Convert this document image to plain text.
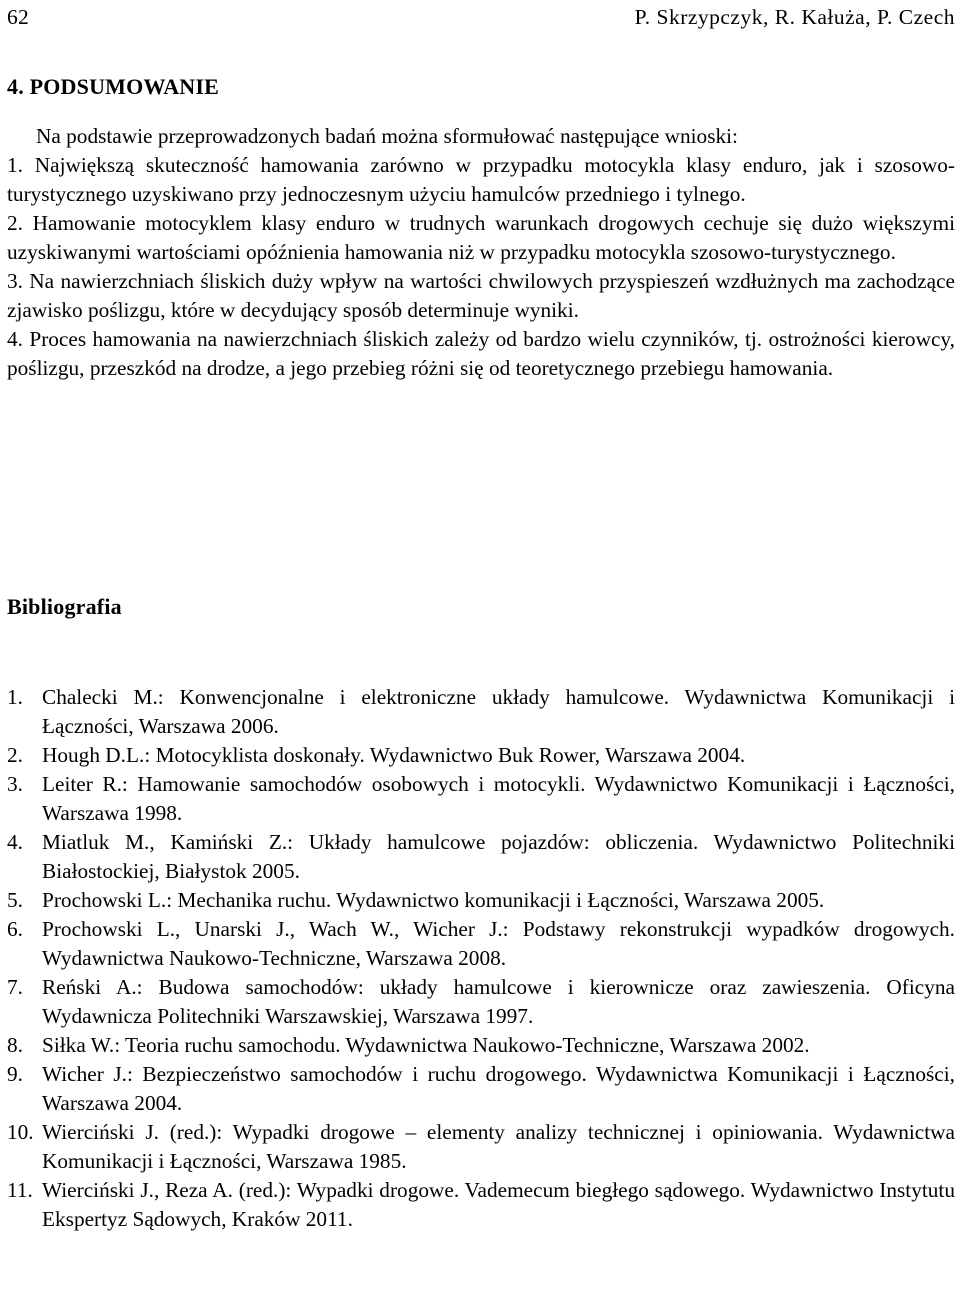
62	P. Skrzypczyk, R. Kałuża, P. Czech
4. PODSUMOWANIE

Na podstawie przeprowadzonych badań można sformułować następujące wnioski:

1. Największą skuteczność hamowania zarówno w przypadku motocykla klasy enduro, jak i szosowo-turystycznego uzyskiwano przy jednoczesnym użyciu hamulców przedniego i tylnego.

2. Hamowanie motocyklem klasy enduro w trudnych warunkach drogowych cechuje się dużo większymi uzyskiwanymi wartościami opóźnienia hamowania niż w przypadku motocykla szosowo-turystycznego.

3. Na nawierzchniach śliskich duży wpływ na wartości chwilowych przyspieszeń wzdłużnych ma zachodzące zjawisko poślizgu, które w decydujący sposób determinuje wyniki.

4. Proces hamowania na nawierzchniach śliskich zależy od bardzo wielu czynników, tj. ostrożności kierowcy, poślizgu, przeszkód na drodze, a jego przebieg różni się od teoretycznego przebiegu hamowania.

Bibliografia
1. Chalecki M.: Konwencjonalne i elektroniczne układy hamulcowe. Wydawnictwa Komunikacji i Łączności, Warszawa 2006.
2. Hough D.L.: Motocyklista doskonały. Wydawnictwo Buk Rower, Warszawa 2004.
3. Leiter R.: Hamowanie samochodów osobowych i motocykli. Wydawnictwo Komunikacji i Łączności, Warszawa 1998.
4. Miatluk M., Kamiński Z.: Układy hamulcowe pojazdów: obliczenia. Wydawnictwo Politechniki Białostockiej, Białystok 2005.
5. Prochowski L.: Mechanika ruchu. Wydawnictwo komunikacji i Łączności, Warszawa 2005.
6. Prochowski L., Unarski J., Wach W., Wicher J.: Podstawy rekonstrukcji wypadków drogowych. Wydawnictwa Naukowo-Techniczne, Warszawa 2008.
7. Reński A.: Budowa samochodów: układy hamulcowe i kierownicze oraz zawieszenia. Oficyna Wydawnicza Politechniki Warszawskiej, Warszawa 1997.
8. Siłka W.: Teoria ruchu samochodu. Wydawnictwa Naukowo-Techniczne, Warszawa 2002.
9. Wicher J.: Bezpieczeństwo samochodów i ruchu drogowego. Wydawnictwa Komunikacji i Łączności, Warszawa 2004.
10. Wierciński J. (red.): Wypadki drogowe – elementy analizy technicznej i opiniowania. Wydawnictwa Komunikacji i Łączności, Warszawa 1985.
11. Wierciński J., Reza A. (red.): Wypadki drogowe. Vademecum biegłego sądowego. Wydawnictwo Instytutu Ekspertyz Sądowych, Kraków 2011.
